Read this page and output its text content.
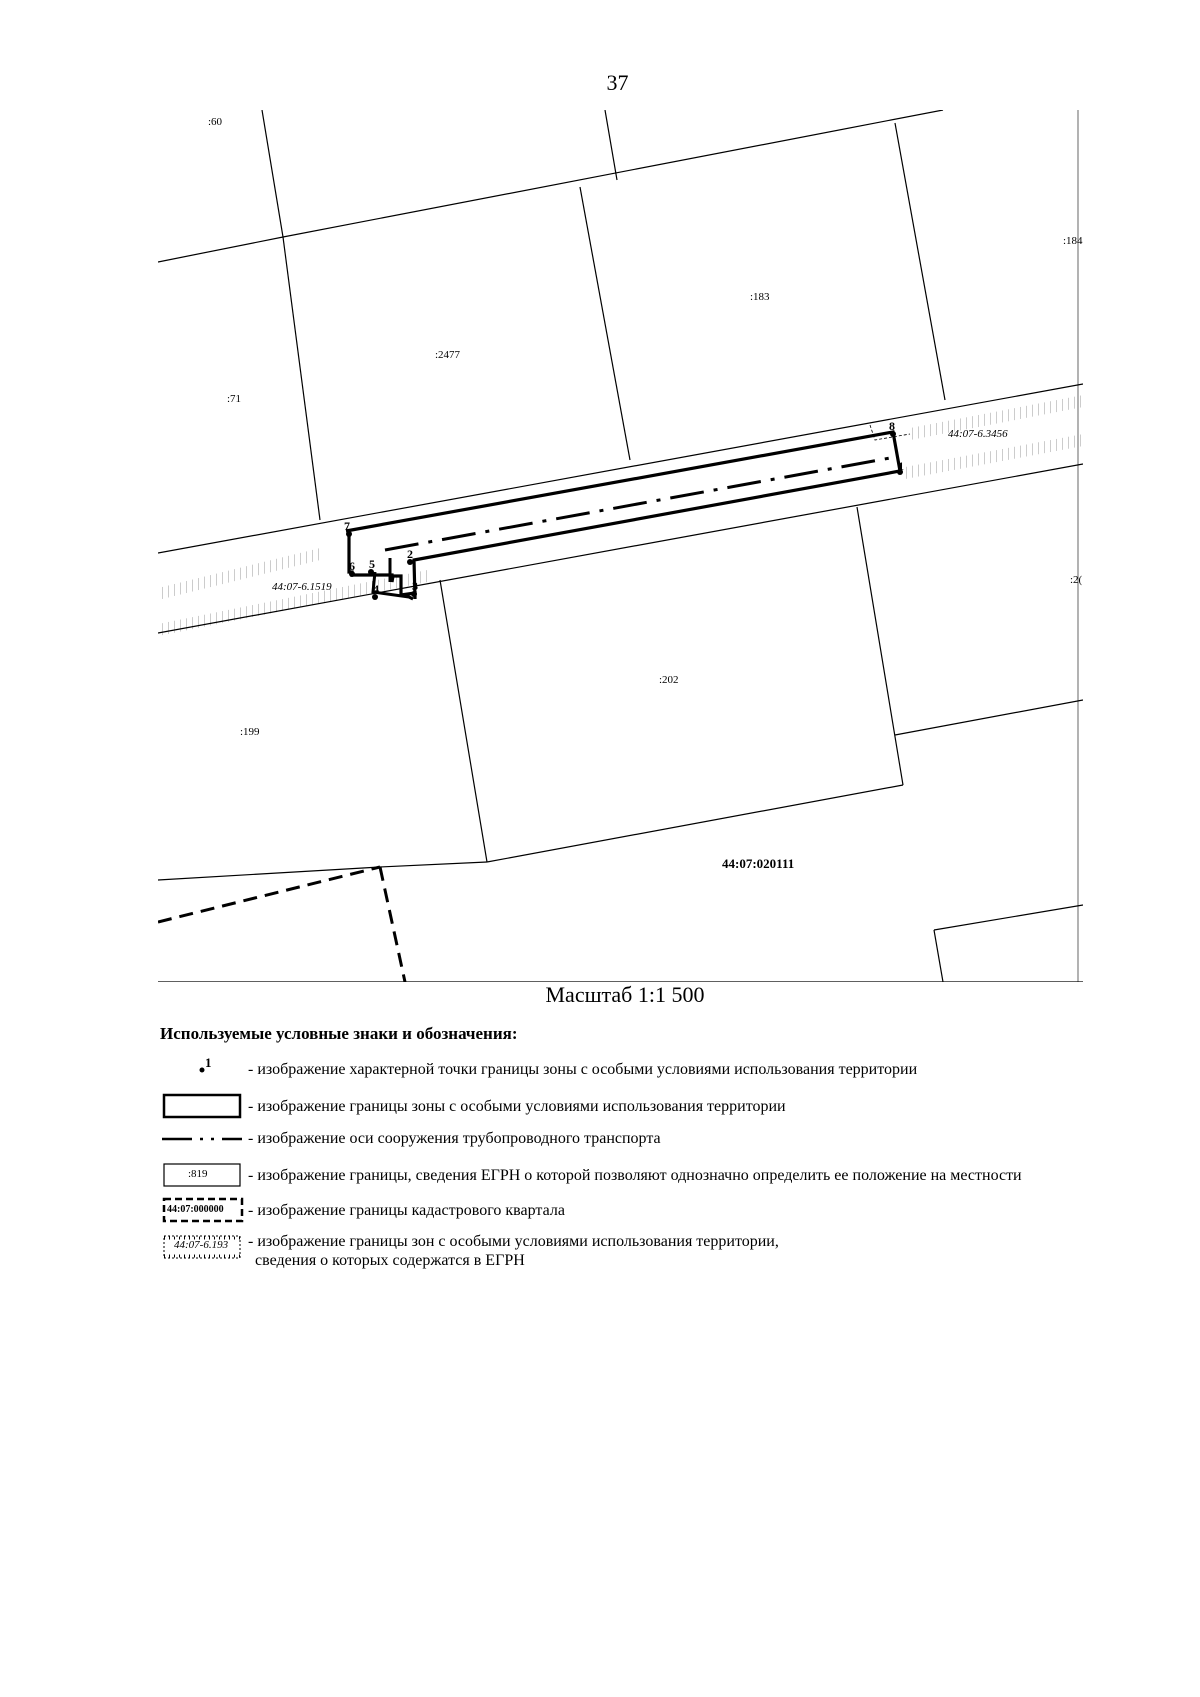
37
1
2
3
4
5
6
7
8
:60
:184
:183
:2477
:71
:202
:199
:2(
44:07-6.3456
44:07-6.1519
44:07:020111
Масштаб 1:1 500
Используемые условные знаки и обозначения:
1 - изображение характерной точки границы зоны с особыми условиями использования территории
- изображение границы зоны с особыми условиями использования территории
- изображение оси сооружения трубопроводного транспорта
:819	- изображение границы, сведения ЕГРН о которой позволяют однозначно определить ее положение на местности
44:07:000000 - изображение границы кадастрового квартала
44:07-6.193 - изображение границы зон с особыми условиями использования территории,
сведения о которых содержатся в ЕГРН
